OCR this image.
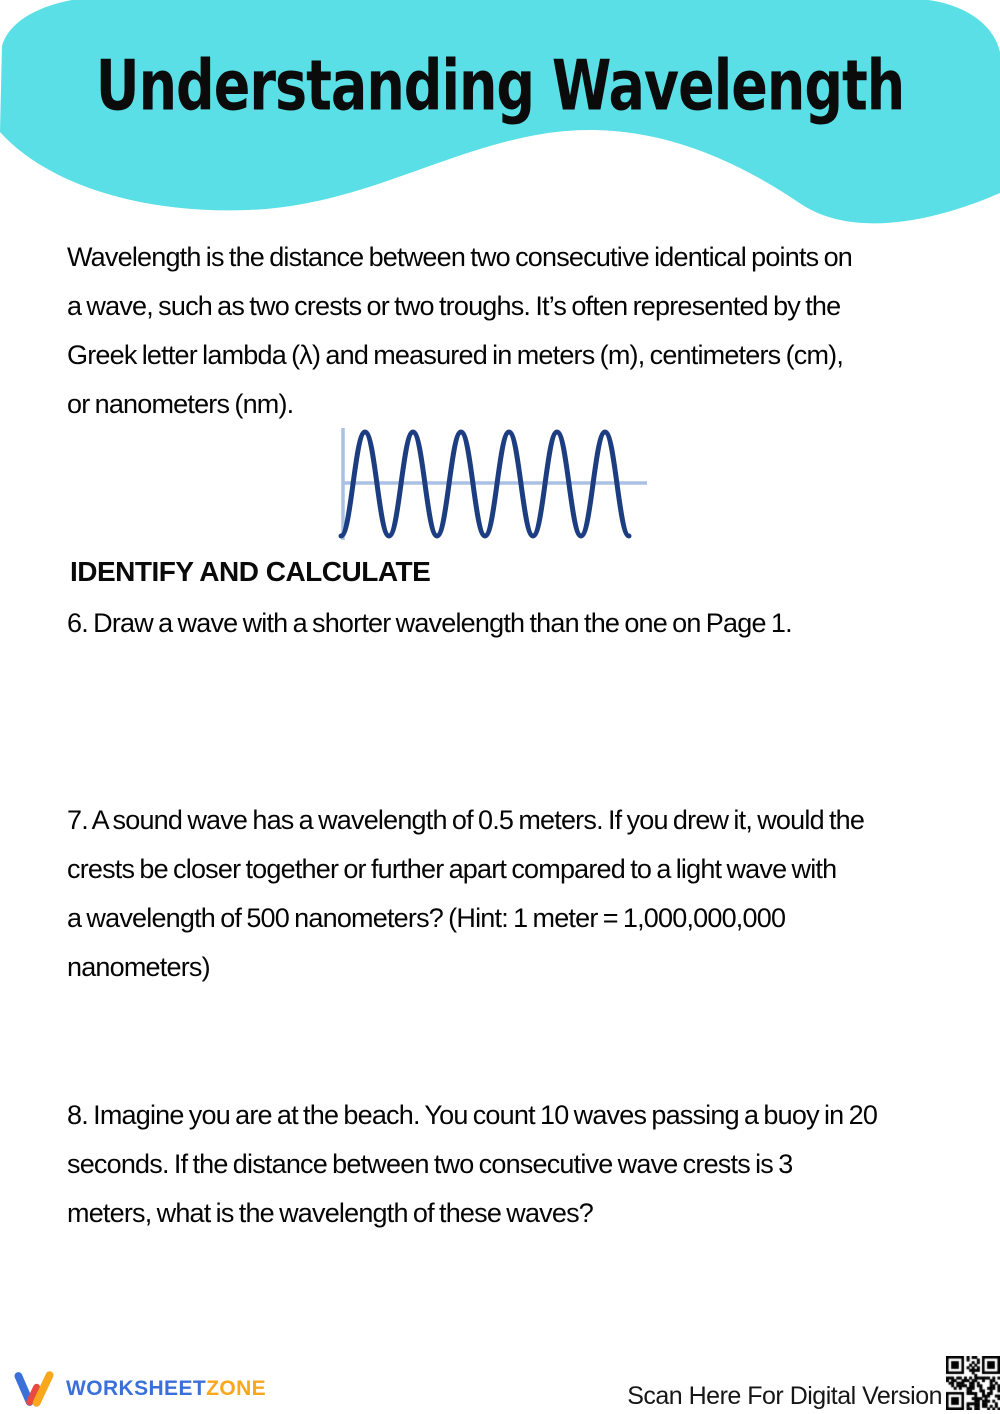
Understanding Wavelength
Wavelength is the distance between two consecutive identical points on
a wave, such as two crests or two troughs. It’s often represented by the
Greek letter lambda (λ) and measured in meters (m), centimeters (cm),
or nanometers (nm).
IDENTIFY AND CALCULATE
6. Draw a wave with a shorter wavelength than the one on Page 1.
7. A sound wave has a wavelength of 0.5 meters. If you drew it, would the
crests be closer together or further apart compared to a light wave with
a wavelength of 500 nanometers? (Hint: 1 meter = 1,000,000,000
nanometers)
8. Imagine you are at the beach. You count 10 waves passing a buoy in 20
seconds. If the distance between two consecutive wave crests is 3
meters, what is the wavelength of these waves?
WORKSHEETZONE	Scan Here For Digital Version
